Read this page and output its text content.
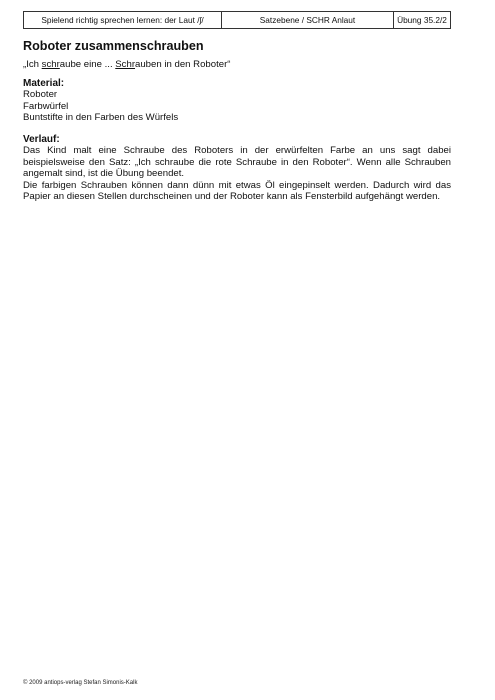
Spielend richtig sprechen lernen: der Laut /ʃ/	Satzebene / SCHR Anlaut	Übung 35.2/2
Roboter zusammenschrauben

„Ich schraube eine ... Schrauben in den Roboter“

Material:

Roboter

Farbwürfel

Buntstifte in den Farben des Würfels

Verlauf:

Das Kind malt eine Schraube des Roboters in der erwürfelten Farbe an uns sagt dabei beispielsweise den Satz: „Ich schraube die rote Schraube in den Roboter“. Wenn alle Schrauben angemalt sind, ist die Übung beendet.

Die farbigen Schrauben können dann dünn mit etwas Öl eingepinselt werden. Dadurch wird das Papier an diesen Stellen durchscheinen und der Roboter kann als Fensterbild aufgehängt werden.

© 2009 antiops-verlag Stefan Simonis-Kalk
